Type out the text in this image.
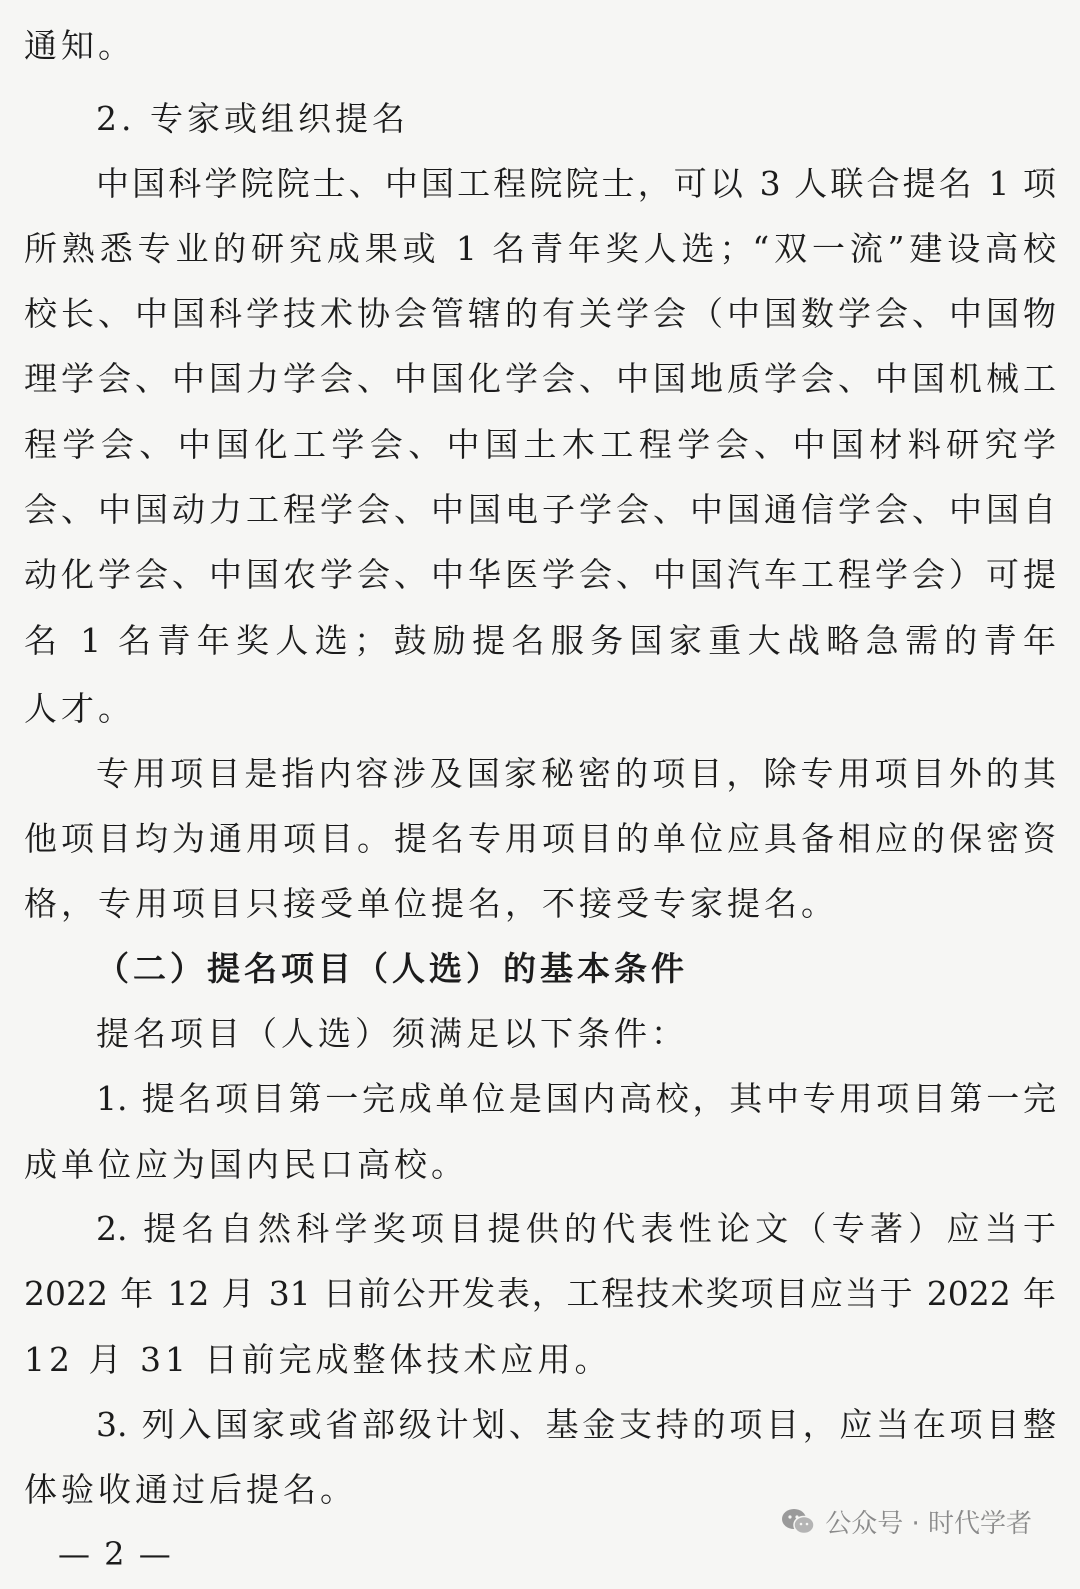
通知。
2. 专家或组织提名
中国科学院院士、中国工程院院士，可以 3 人联合提名 1 项
所熟悉专业的研究成果或 1 名青年奖人选；“双一流”建设高校
校长、中国科学技术协会管辖的有关学会（中国数学会、中国物
理学会、中国力学会、中国化学会、中国地质学会、中国机械工
程学会、中国化工学会、中国土木工程学会、中国材料研究学
会、中国动力工程学会、中国电子学会、中国通信学会、中国自
动化学会、中国农学会、中华医学会、中国汽车工程学会）可提
名 1 名青年奖人选；鼓励提名服务国家重大战略急需的青年
人才。
专用项目是指内容涉及国家秘密的项目，除专用项目外的其
他项目均为通用项目。提名专用项目的单位应具备相应的保密资
格，专用项目只接受单位提名，不接受专家提名。
（二）提名项目（人选）的基本条件
提名项目（人选）须满足以下条件：
1. 提名项目第一完成单位是国内高校，其中专用项目第一完
成单位应为国内民口高校。
2. 提名自然科学奖项目提供的代表性论文（专著）应当于
2022 年 12 月 31 日前公开发表，工程技术奖项目应当于 2022 年
12 月 31 日前完成整体技术应用。
3. 列入国家或省部级计划、基金支持的项目，应当在项目整
体验收通过后提名。
公众号 · 时代学者
— 2 —
